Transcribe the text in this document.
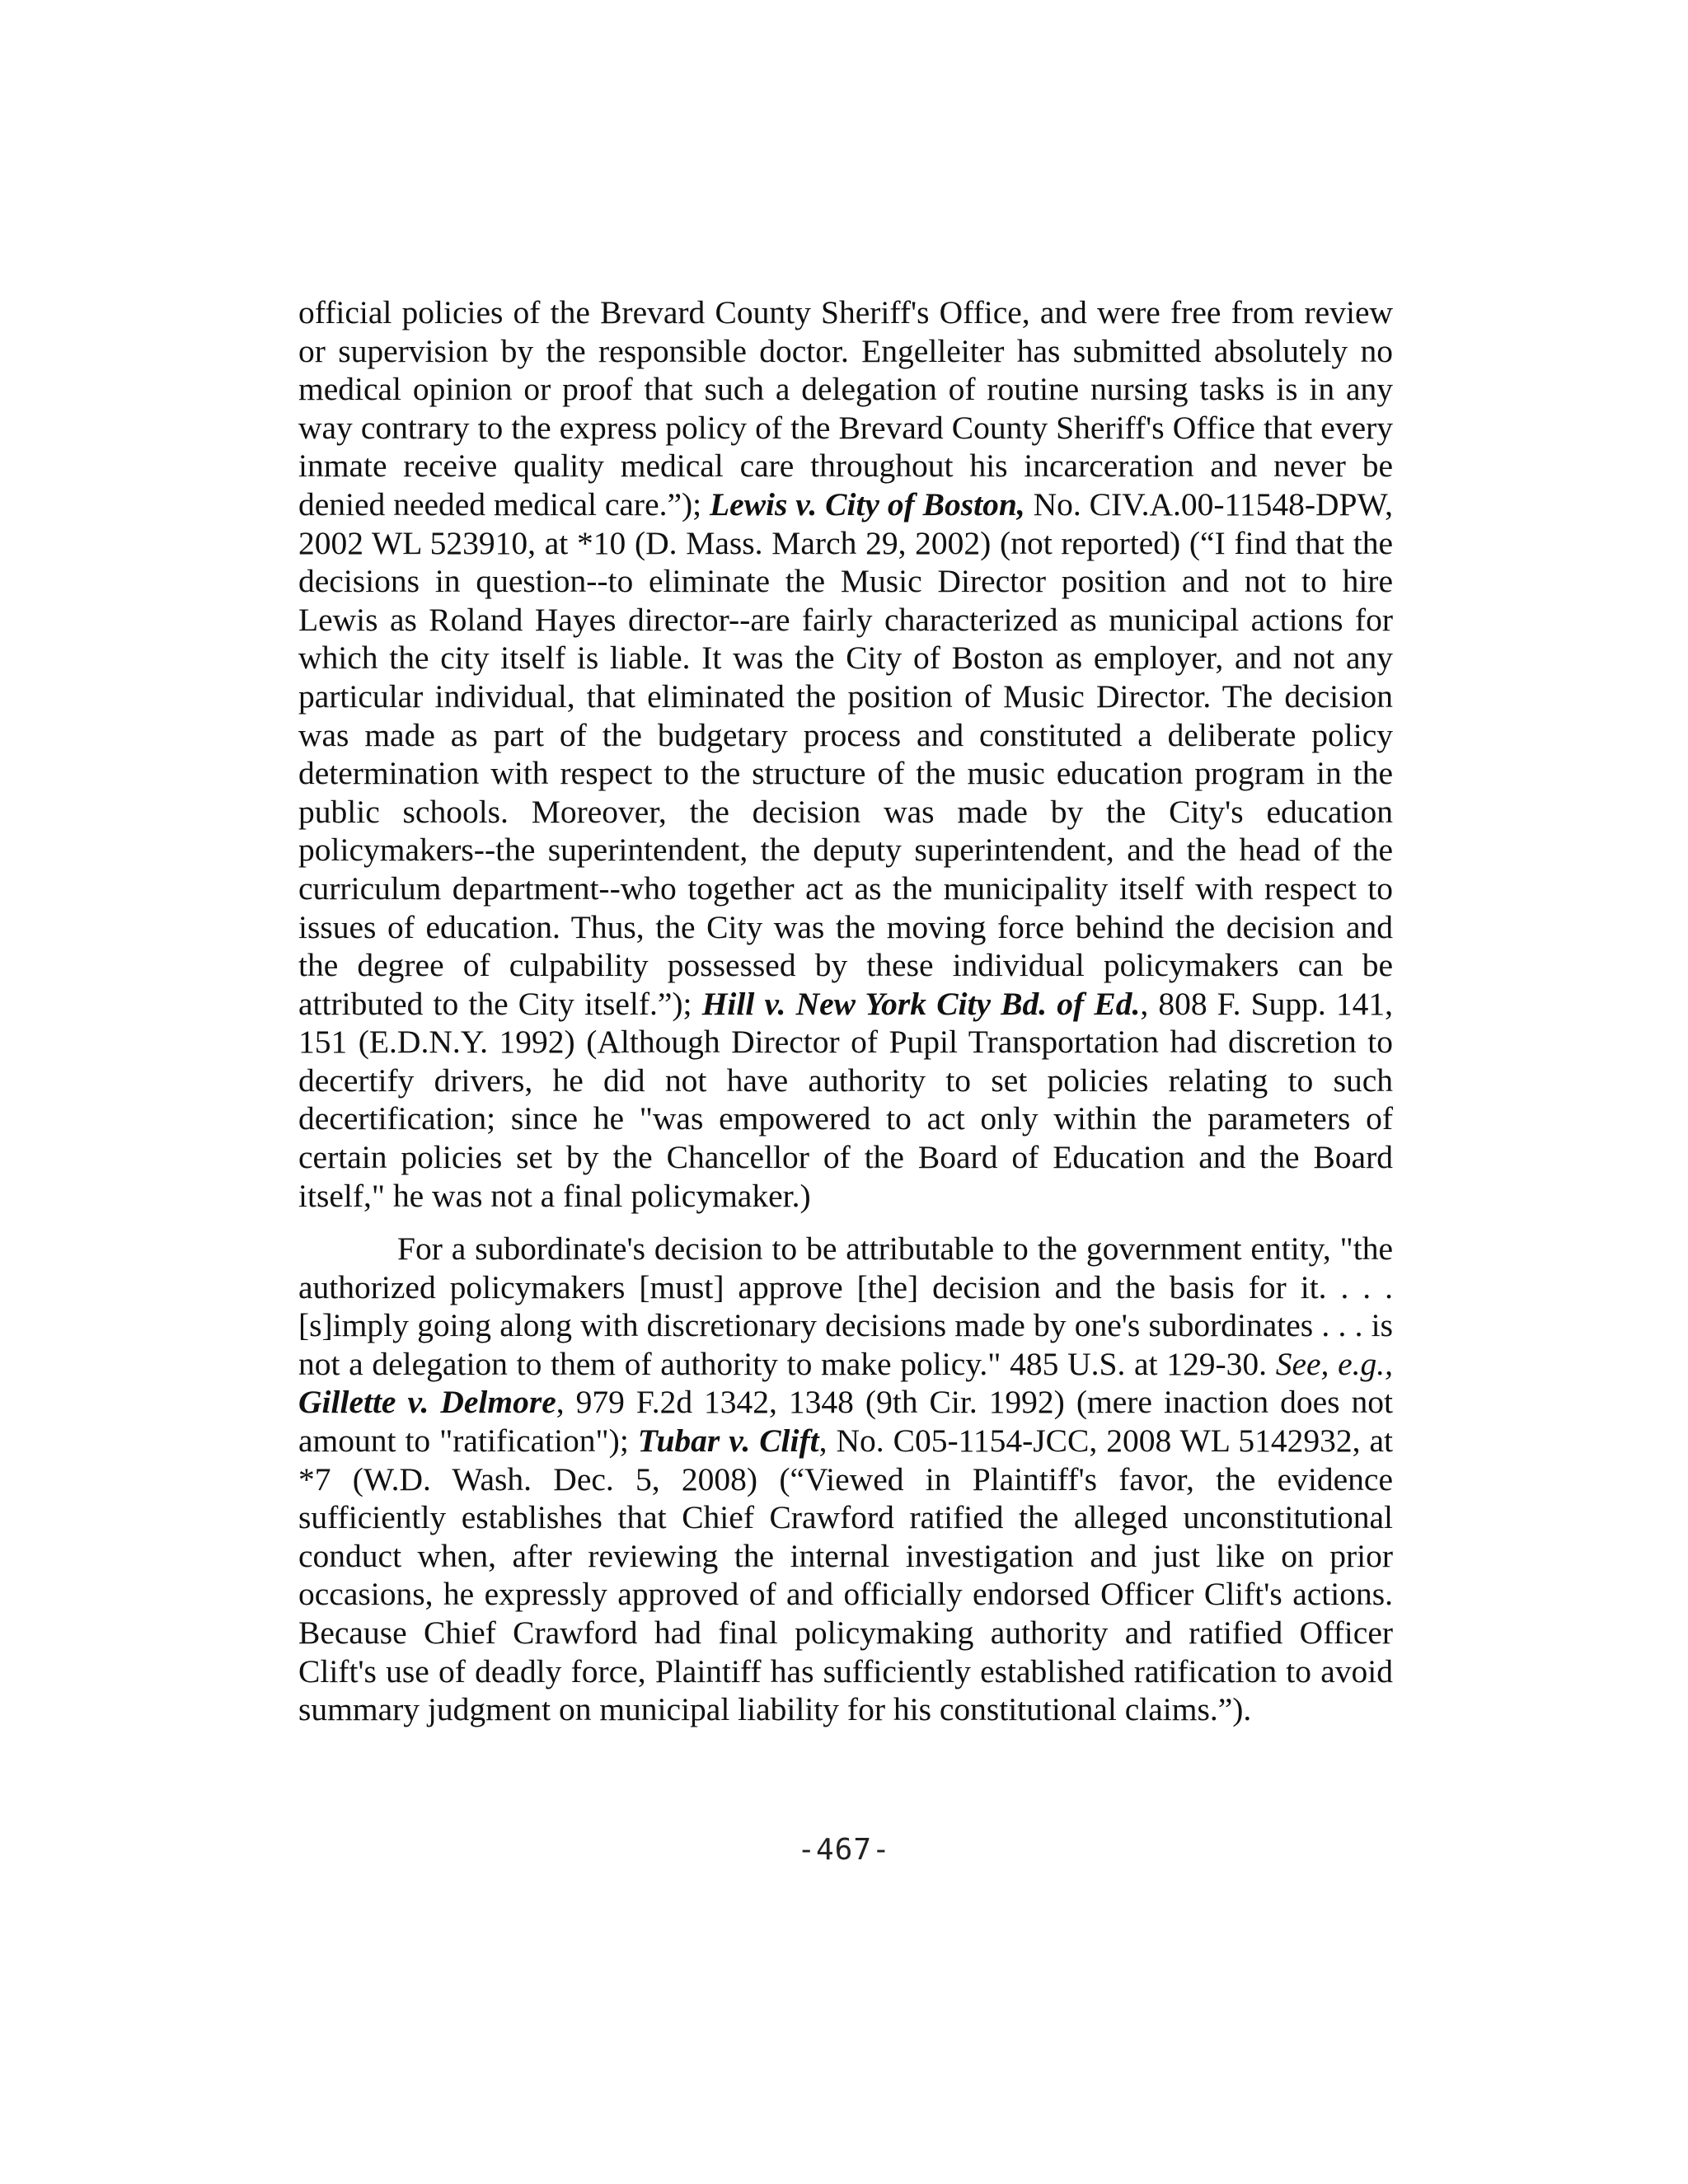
official policies of the Brevard County Sheriff's Office, and were free from review or supervision by the responsible doctor. Engelleiter has submitted absolutely no medical opinion or proof that such a delegation of routine nursing tasks is in any way contrary to the express policy of the Brevard County Sheriff's Office that every inmate receive quality medical care throughout his incarceration and never be denied needed medical care.”); Lewis v. City of Boston, No. CIV.A.00-11548-DPW, 2002 WL 523910, at *10 (D. Mass. March 29, 2002) (not reported) (“I find that the decisions in question--to eliminate the Music Director position and not to hire Lewis as Roland Hayes director--are fairly characterized as municipal actions for which the city itself is liable. It was the City of Boston as employer, and not any particular individual, that eliminated the position of Music Director. The decision was made as part of the budgetary process and constituted a deliberate policy determination with respect to the structure of the music education program in the public schools. Moreover, the decision was made by the City's education policymakers--the superintendent, the deputy superintendent, and the head of the curriculum department--who together act as the municipality itself with respect to issues of education. Thus, the City was the moving force behind the decision and the degree of culpability possessed by these individual policymakers can be attributed to the City itself.”); Hill v. New York City Bd. of Ed., 808 F. Supp. 141, 151 (E.D.N.Y. 1992) (Although Director of Pupil Transportation had discretion to decertify drivers, he did not have authority to set policies relating to such decertification; since he "was empowered to act only within the parameters of certain policies set by the Chancellor of the Board of Education and the Board itself," he was not a final policymaker.)

For a subordinate's decision to be attributable to the government entity, "the authorized policymakers [must] approve [the] decision and the basis for it. . . .[s]imply going along with discretionary decisions made by one's subordinates . . . is not a delegation to them of authority to make policy." 485 U.S. at 129-30. See, e.g., Gillette v. Delmore, 979 F.2d 1342, 1348 (9th Cir. 1992) (mere inaction does not amount to "ratification"); Tubar v. Clift, No. C05-1154-JCC, 2008 WL 5142932, at *7 (W.D. Wash. Dec. 5, 2008) (“Viewed in Plaintiff's favor, the evidence sufficiently establishes that Chief Crawford ratified the alleged unconstitutional conduct when, after reviewing the internal investigation and just like on prior occasions, he expressly approved of and officially endorsed Officer Clift's actions. Because Chief Crawford had final policymaking authority and ratified Officer Clift's use of deadly force, Plaintiff has sufficiently established ratification to avoid summary judgment on municipal liability for his constitutional claims.”).

-467-
